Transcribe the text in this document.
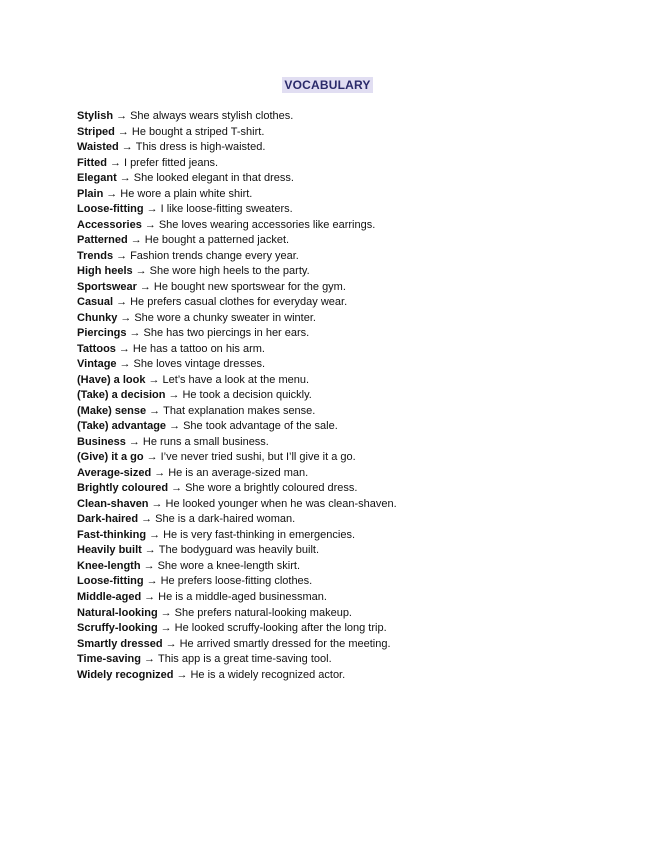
VOCABULARY
Stylish → She always wears stylish clothes.
Striped → He bought a striped T-shirt.
Waisted → This dress is high-waisted.
Fitted → I prefer fitted jeans.
Elegant → She looked elegant in that dress.
Plain → He wore a plain white shirt.
Loose-fitting → I like loose-fitting sweaters.
Accessories → She loves wearing accessories like earrings.
Patterned → He bought a patterned jacket.
Trends → Fashion trends change every year.
High heels → She wore high heels to the party.
Sportswear → He bought new sportswear for the gym.
Casual → He prefers casual clothes for everyday wear.
Chunky → She wore a chunky sweater in winter.
Piercings → She has two piercings in her ears.
Tattoos → He has a tattoo on his arm.
Vintage → She loves vintage dresses.
(Have) a look → Let’s have a look at the menu.
(Take) a decision → He took a decision quickly.
(Make) sense → That explanation makes sense.
(Take) advantage → She took advantage of the sale.
Business → He runs a small business.
(Give) it a go → I’ve never tried sushi, but I’ll give it a go.
Average-sized → He is an average-sized man.
Brightly coloured → She wore a brightly coloured dress.
Clean-shaven → He looked younger when he was clean-shaven.
Dark-haired → She is a dark-haired woman.
Fast-thinking → He is very fast-thinking in emergencies.
Heavily built → The bodyguard was heavily built.
Knee-length → She wore a knee-length skirt.
Loose-fitting → He prefers loose-fitting clothes.
Middle-aged → He is a middle-aged businessman.
Natural-looking → She prefers natural-looking makeup.
Scruffy-looking → He looked scruffy-looking after the long trip.
Smartly dressed → He arrived smartly dressed for the meeting.
Time-saving → This app is a great time-saving tool.
Widely recognized → He is a widely recognized actor.
